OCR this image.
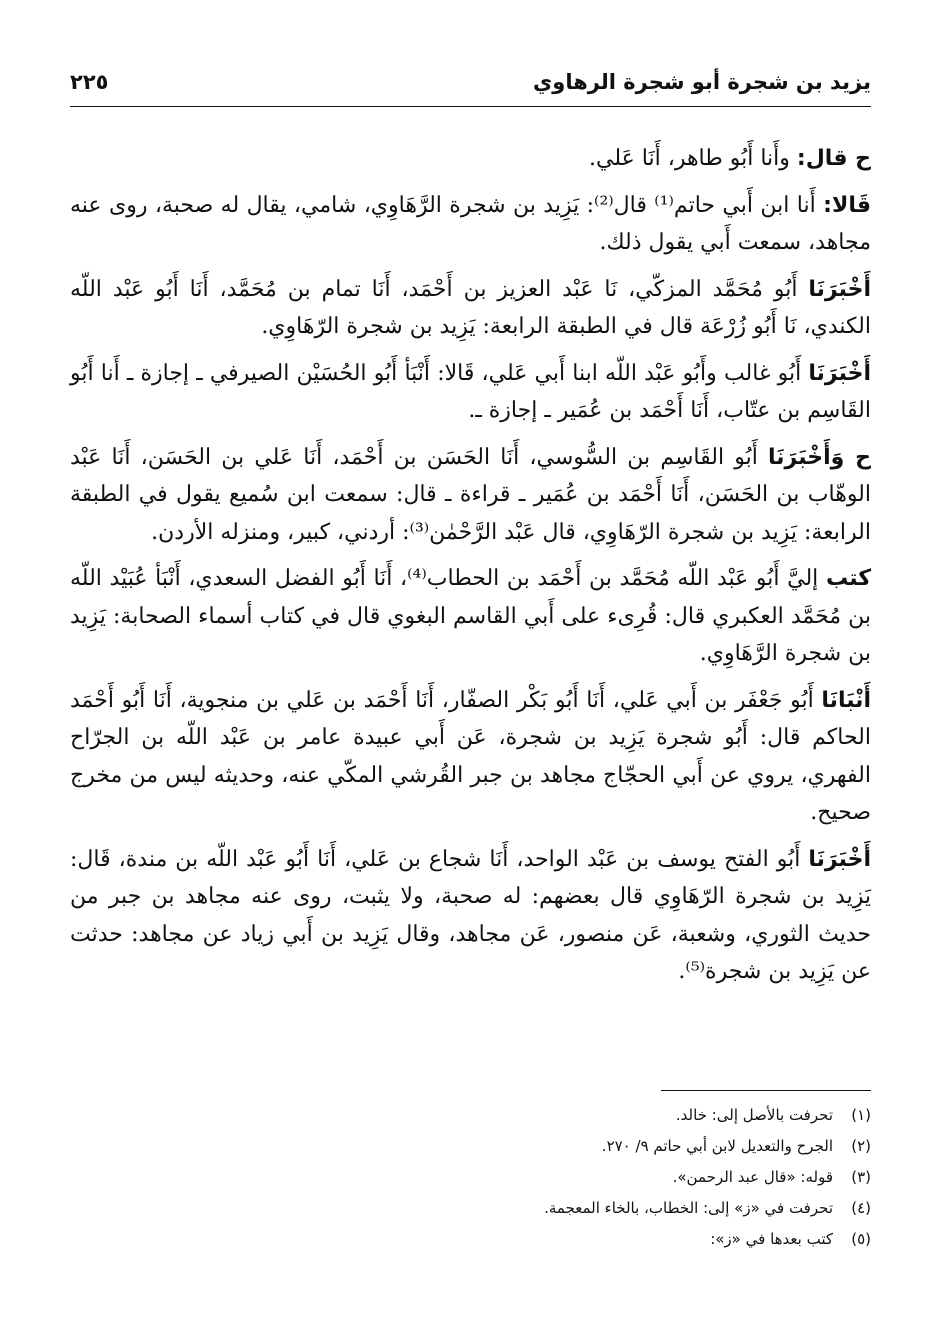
يزيد بن شجرة أبو شجرة الرهاوي
٢٢٥

ح قال: وأَنا أَبُو طاهر، أَنَا عَلي.

قَالا: أَنا ابن أَبي حاتم⁽¹⁾ قال⁽²⁾: يَزِيد بن شجرة الرَّهَاوِي، شامي، يقال له صحبة، روى عنه مجاهد، سمعت أَبي يقول ذلك.

أَخْبَرَنَا أَبُو مُحَمَّد المزكّي، نَا عَبْد العزيز بن أَحْمَد، أَنَا تمام بن مُحَمَّد، أَنَا أَبُو عَبْد اللّه الكندي، نَا أَبُو زُرْعَة قال في الطبقة الرابعة: يَزِيد بن شجرة الرّهَاوِي.

أَخْبَرَنَا أَبُو غالب وأَبُو عَبْد اللّه ابنا أَبي عَلي، قَالا: أَنْبَأ أَبُو الحُسَيْن الصيرفي ـ إجازة ـ أَنا أَبُو القَاسِم بن عتّاب، أَنَا أَحْمَد بن عُمَير ـ إجازة ـ.

ح وَأَخْبَرَنَا أَبُو القَاسِم بن السُّوسي، أَنَا الحَسَن بن أَحْمَد، أَنَا عَلي بن الحَسَن، أَنَا عَبْد الوهّاب بن الحَسَن، أَنَا أَحْمَد بن عُمَير ـ قراءة ـ قال: سمعت ابن سُميع يقول في الطبقة الرابعة: يَزِيد بن شجرة الرّهَاوِي، قال عَبْد الرَّحْمٰن⁽³⁾: أردني، كبير، ومنزله الأردن.

كتب إليَّ أَبُو عَبْد اللّه مُحَمَّد بن أَحْمَد بن الحطاب⁽⁴⁾، أَنَا أَبُو الفضل السعدي، أَنْبَأ عُبَيْد اللّه بن مُحَمَّد العكبري قال: قُرِىء على أَبي القاسم البغوي قال في كتاب أسماء الصحابة: يَزِيد بن شجرة الرَّهَاوِي.

أَنْبَانَا أَبُو جَعْفَر بن أَبي عَلي، أَنَا أَبُو بَكْر الصفّار، أَنَا أَحْمَد بن عَلي بن منجوية، أَنَا أَبُو أَحْمَد الحاكم قال: أَبُو شجرة يَزِيد بن شجرة، عَن أَبي عبيدة عامر بن عَبْد اللّه بن الجرّاح الفهري، يروي عن أَبي الحجّاج مجاهد بن جبر القُرشي المكّي عنه، وحديثه ليس من مخرج صحيح.

أَخْبَرَنَا أَبُو الفتح يوسف بن عَبْد الواحد، أَنَا شجاع بن عَلي، أَنَا أَبُو عَبْد اللّه بن مندة، قَال: يَزِيد بن شجرة الرّهَاوِي قال بعضهم: له صحبة، ولا يثبت، روى عنه مجاهد بن جبر من حديث الثوري، وشعبة، عَن منصور، عَن مجاهد، وقال يَزِيد بن أَبي زياد عن مجاهد: حدثت عن يَزِيد بن شجرة⁽⁵⁾.

(١)تحرفت بالأصل إلى: خالد.
(٢)الجرح والتعديل لابن أبي حاتم ٩/ ٢٧٠.
(٣)قوله: «قال عبد الرحمن».
(٤)تحرفت في «ز» إلى: الخطاب، بالخاء المعجمة.
(٥)كتب بعدها في «ز»:
